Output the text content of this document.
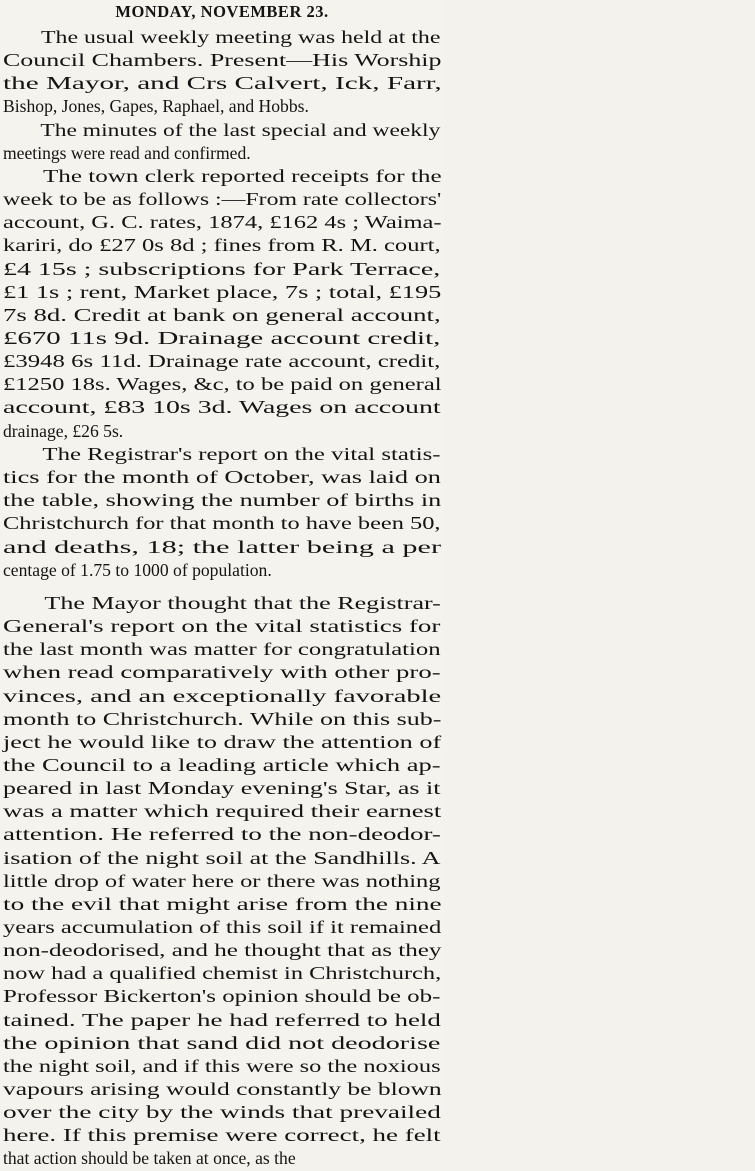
MONDAY, NOVEMBER 23.
The usual weekly meeting was held at the
Council Chambers. Present—His Worship
the Mayor, and Crs Calvert, Ick, Farr,
Bishop, Jones, Gapes, Raphael, and Hobbs.
The minutes of the last special and weekly
meetings were read and confirmed.
The town clerk reported receipts for the
week to be as follows :—From rate collectors'
account, G. C. rates, 1874, £162 4s ; Waima-
kariri, do £27 0s 8d ; fines from R. M. court,
£4 15s ; subscriptions for Park Terrace,
£1 1s ; rent, Market place, 7s ; total, £195
7s 8d. Credit at bank on general account,
£670 11s 9d. Drainage account credit,
£3948 6s 11d. Drainage rate account, credit,
£1250 18s. Wages, &c, to be paid on general
account, £83 10s 3d. Wages on account
drainage, £26 5s.
The Registrar's report on the vital statis-
tics for the month of October, was laid on
the table, showing the number of births in
Christchurch for that month to have been 50,
and deaths, 18; the latter being a per
centage of 1.75 to 1000 of population.
The Mayor thought that the Registrar-
General's report on the vital statistics for
the last month was matter for congratulation
when read comparatively with other pro-
vinces, and an exceptionally favorable
month to Christchurch. While on this sub-
ject he would like to draw the attention of
the Council to a leading article which ap-
peared in last Monday evening's Star, as it
was a matter which required their earnest
attention. He referred to the non-deodor-
isation of the night soil at the Sandhills. A
little drop of water here or there was nothing
to the evil that might arise from the nine
years accumulation of this soil if it remained
non-deodorised, and he thought that as they
now had a qualified chemist in Christchurch,
Professor Bickerton's opinion should be ob-
tained. The paper he had referred to held
the opinion that sand did not deodorise
the night soil, and if this were so the noxious
vapours arising would constantly be blown
over the city by the winds that prevailed
here. If this premise were correct, he felt
that action should be taken at once, as the
